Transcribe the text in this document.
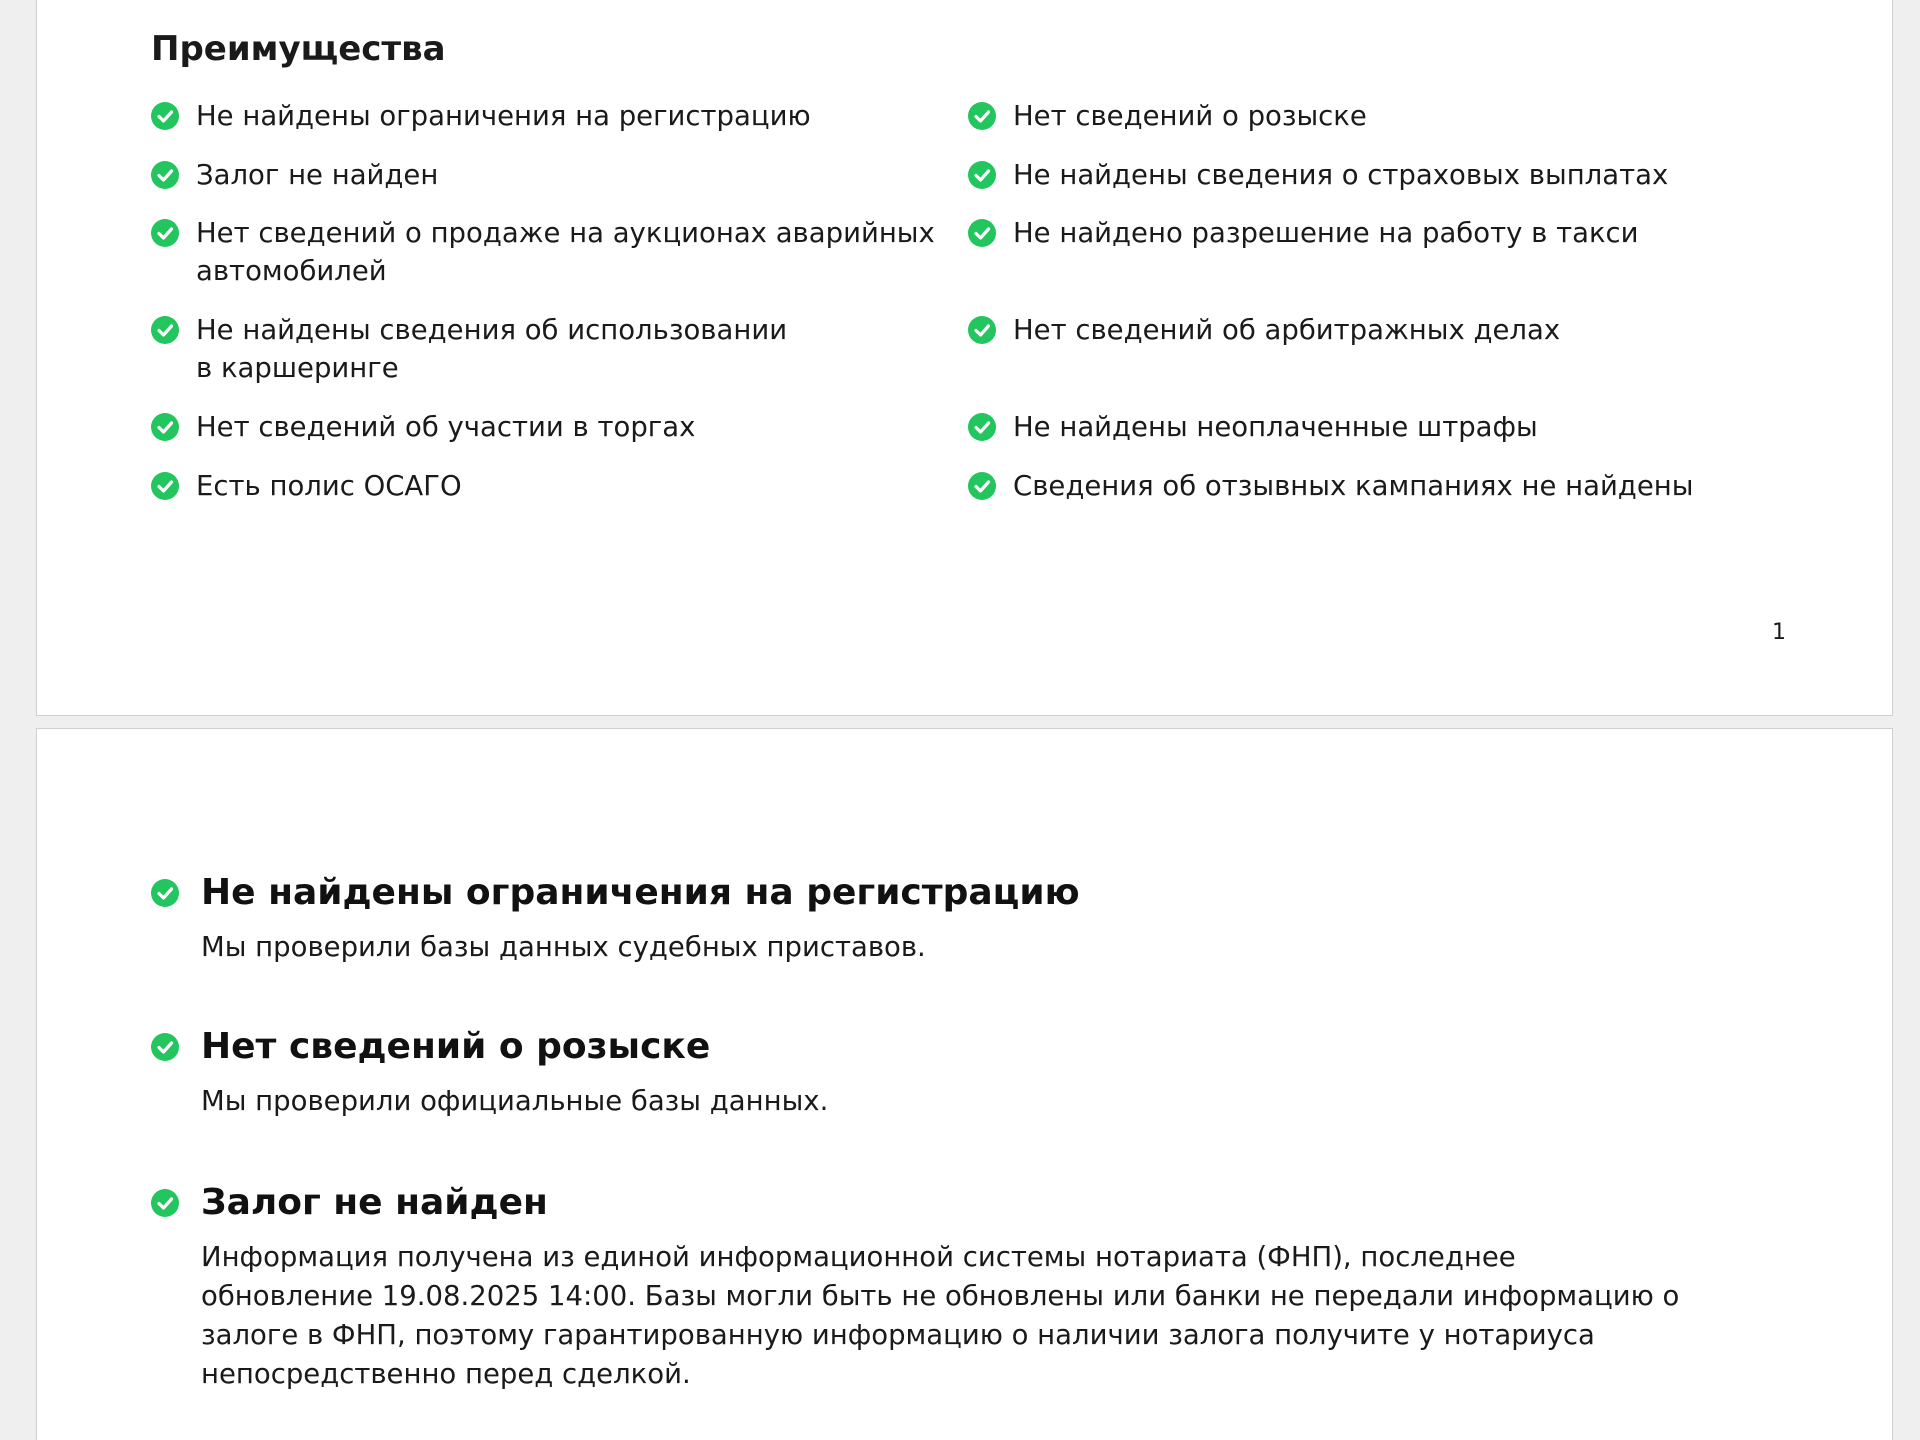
Преимущества
Не найдены ограничения на регистрацию
Залог не найден
Нет сведений о продаже на аукционах аварийных
автомобилей
Не найдены сведения об использовании
в каршеринге
Нет сведений об участии в торгах
Есть полис ОСАГО
Нет сведений о розыске
Не найдены сведения о страховых выплатах
Не найдено разрешение на работу в такси
Нет сведений об арбитражных делах
Не найдены неоплаченные штрафы
Сведения об отзывных кампаниях не найдены
1
Не найдены ограничения на регистрацию
Мы проверили базы данных судебных приставов.
Нет сведений о розыске
Мы проверили официальные базы данных.
Залог не найден
Информация получена из единой информационной системы нотариата (ФНП), последнее
обновление 19.08.2025 14:00. Базы могли быть не обновлены или банки не передали информацию о
залоге в ФНП, поэтому гарантированную информацию о наличии залога получите у нотариуса
непосредственно перед сделкой.
